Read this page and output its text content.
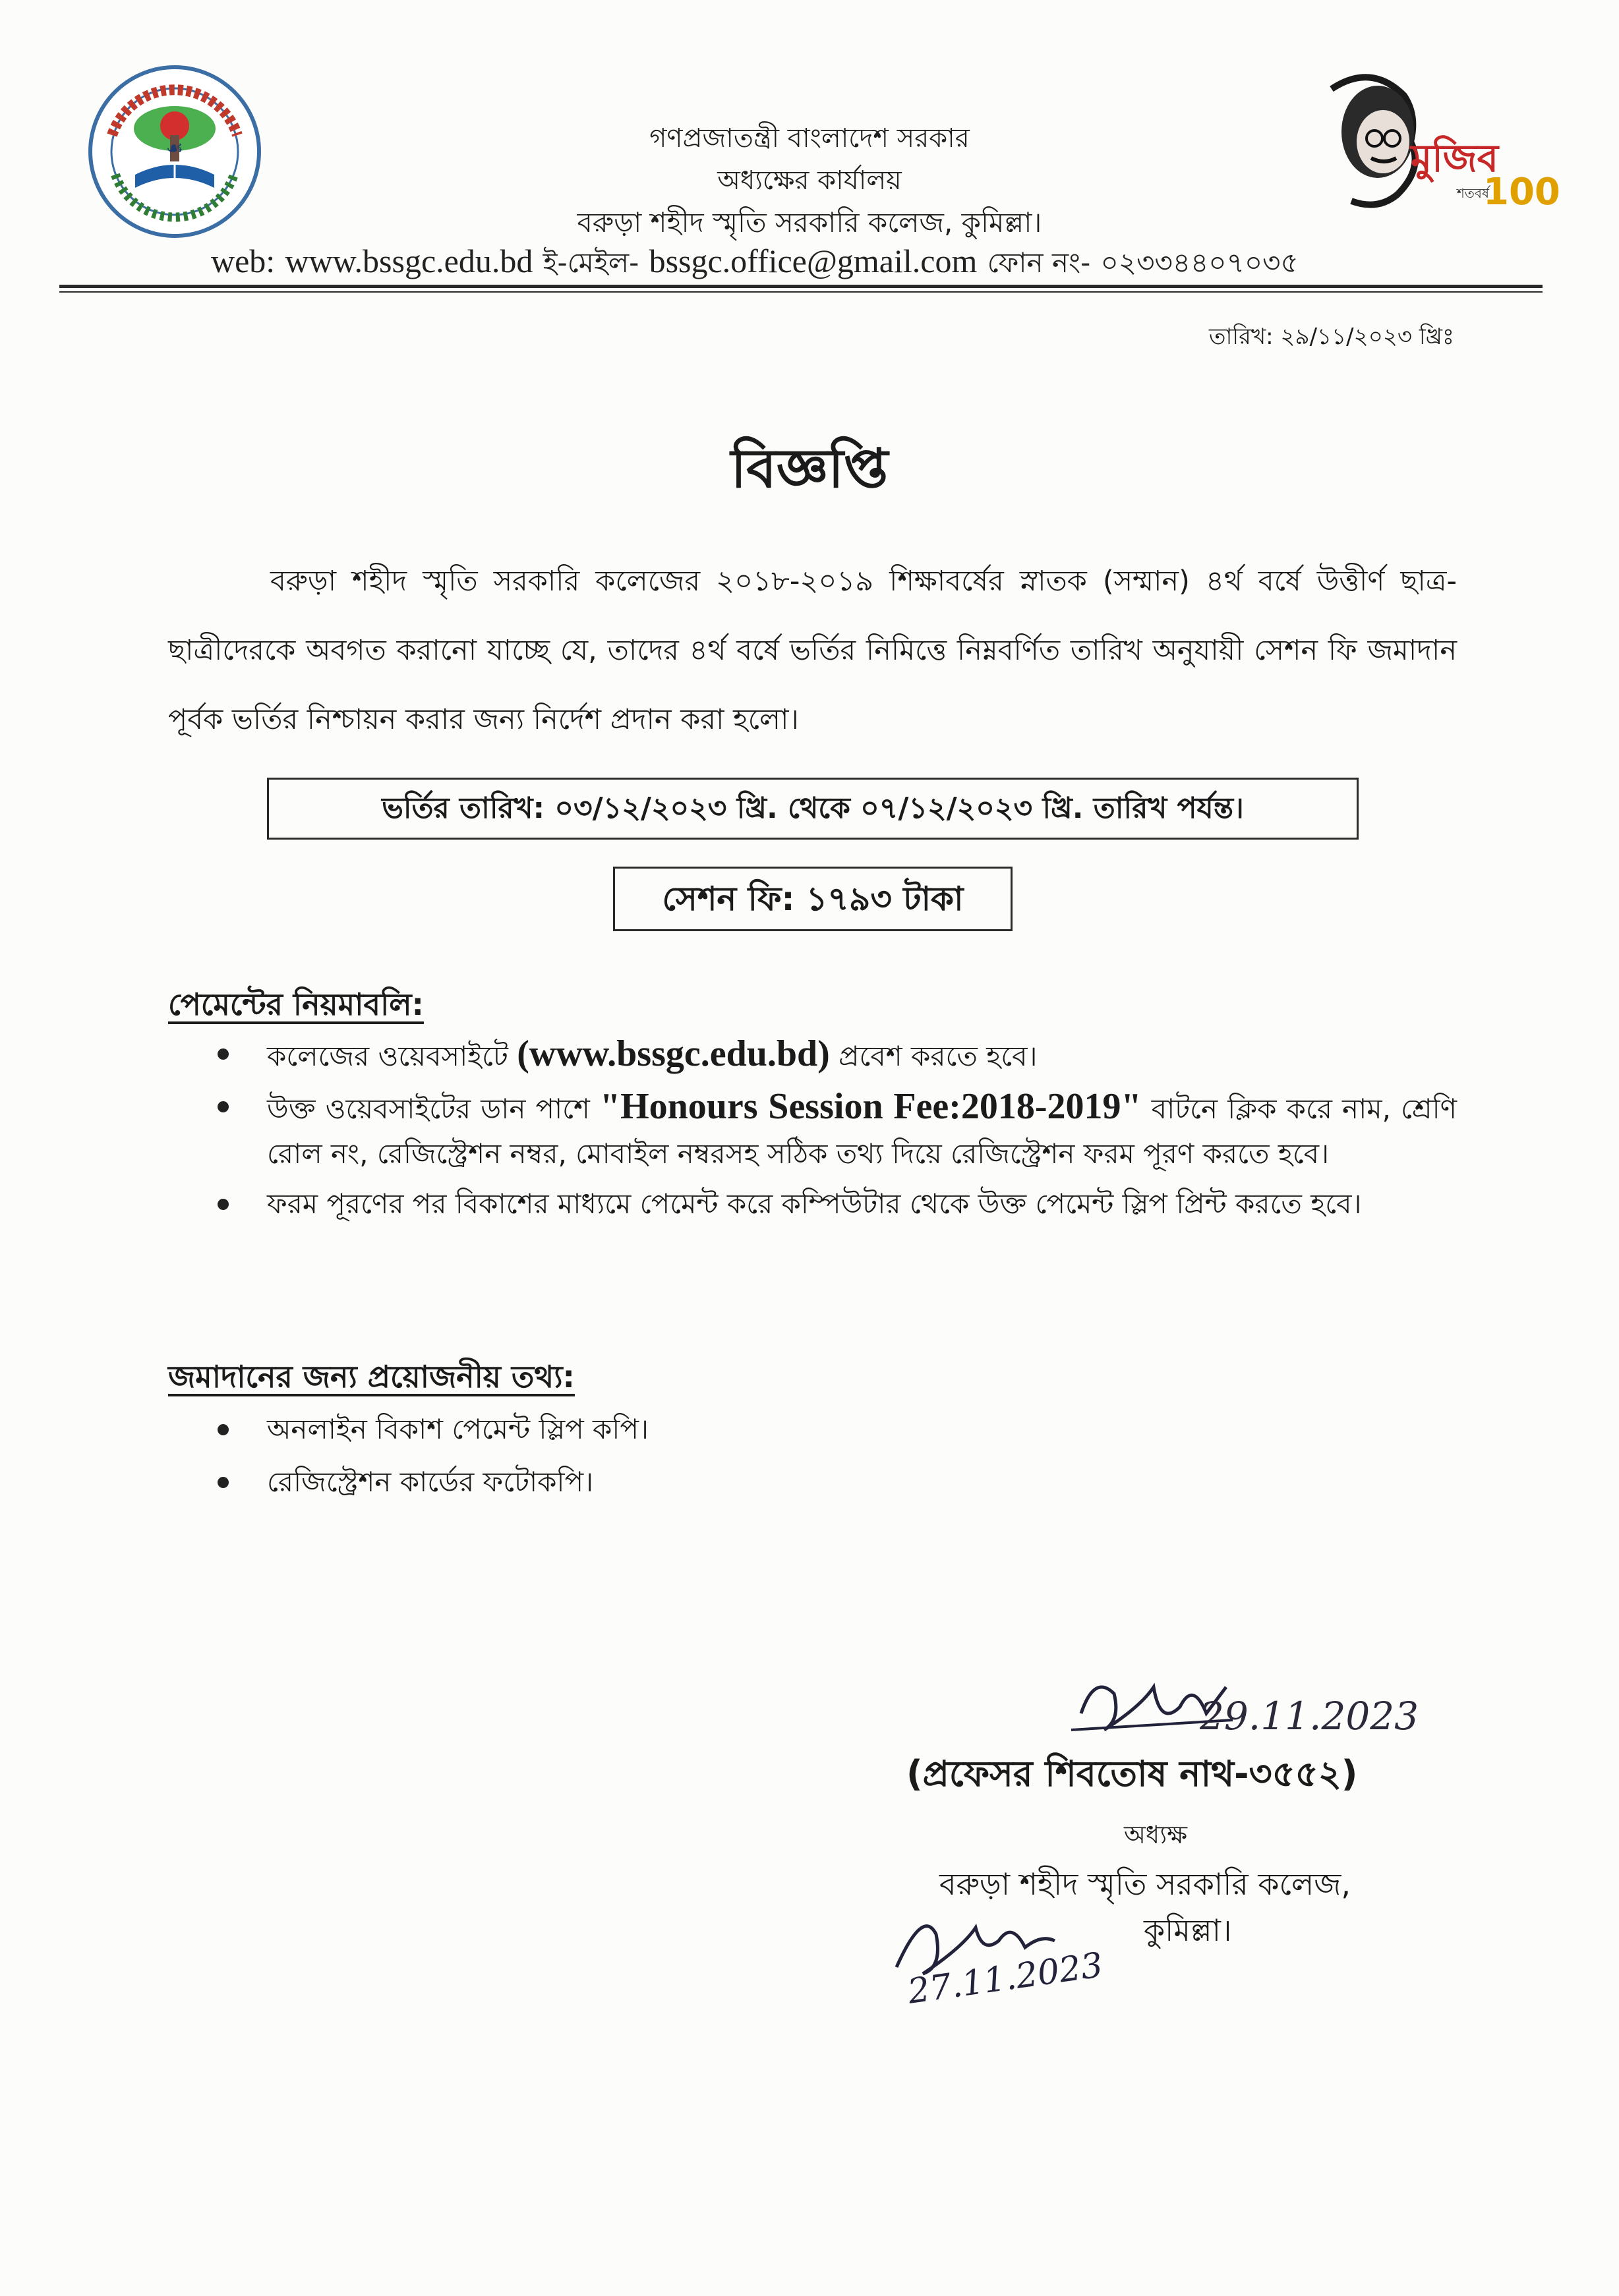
☙	মুজিব
শতবর্ষ
100
গণপ্রজাতন্ত্রী বাংলাদেশ সরকার
অধ্যক্ষের কার্যালয়
বরুড়া শহীদ স্মৃতি সরকারি কলেজ, কুমিল্লা।
web: www.bssgc.edu.bd ই-মেইল- bssgc.office@gmail.com ফোন নং- ০২৩৩৪৪০৭০৩৫
তারিখ: ২৯/১১/২০২৩ খ্রিঃ
বিজ্ঞপ্তি
বরুড়া শহীদ স্মৃতি সরকারি কলেজের ২০১৮-২০১৯ শিক্ষাবর্ষের স্নাতক (সম্মান) ৪র্থ বর্ষে উত্তীর্ণ ছাত্র-ছাত্রীদেরকে অবগত করানো যাচ্ছে যে, তাদের ৪র্থ বর্ষে ভর্তির নিমিত্তে নিম্নবর্ণিত তারিখ অনুযায়ী সেশন ফি জমাদান পূর্বক ভর্তির নিশ্চায়ন করার জন্য নির্দেশ প্রদান করা হলো।
ভর্তির তারিখ: ০৩/১২/২০২৩ খ্রি. থেকে ০৭/১২/২০২৩ খ্রি. তারিখ পর্যন্ত।
সেশন ফি: ১৭৯৩ টাকা
পেমেন্টের নিয়মাবলি:
কলেজের ওয়েবসাইটে (www.bssgc.edu.bd) প্রবেশ করতে হবে।
উক্ত ওয়েবসাইটের ডান পাশে "Honours Session Fee:2018-2019" বাটনে ক্লিক করে নাম, শ্রেণি রোল নং, রেজিস্ট্রেশন নম্বর, মোবাইল নম্বরসহ সঠিক তথ্য দিয়ে রেজিস্ট্রেশন ফরম পূরণ করতে হবে।
ফরম পূরণের পর বিকাশের মাধ্যমে পেমেন্ট করে কম্পিউটার থেকে উক্ত পেমেন্ট স্লিপ প্রিন্ট করতে হবে।
জমাদানের জন্য প্রয়োজনীয় তথ্য:
অনলাইন বিকাশ পেমেন্ট স্লিপ কপি।
রেজিস্ট্রেশন কার্ডের ফটোকপি।
29.11.2023
(প্রফেসর শিবতোষ নাথ-৩৫৫২)
অধ্যক্ষ
বরুড়া শহীদ স্মৃতি সরকারি কলেজ,
কুমিল্লা।
27.11.2023
